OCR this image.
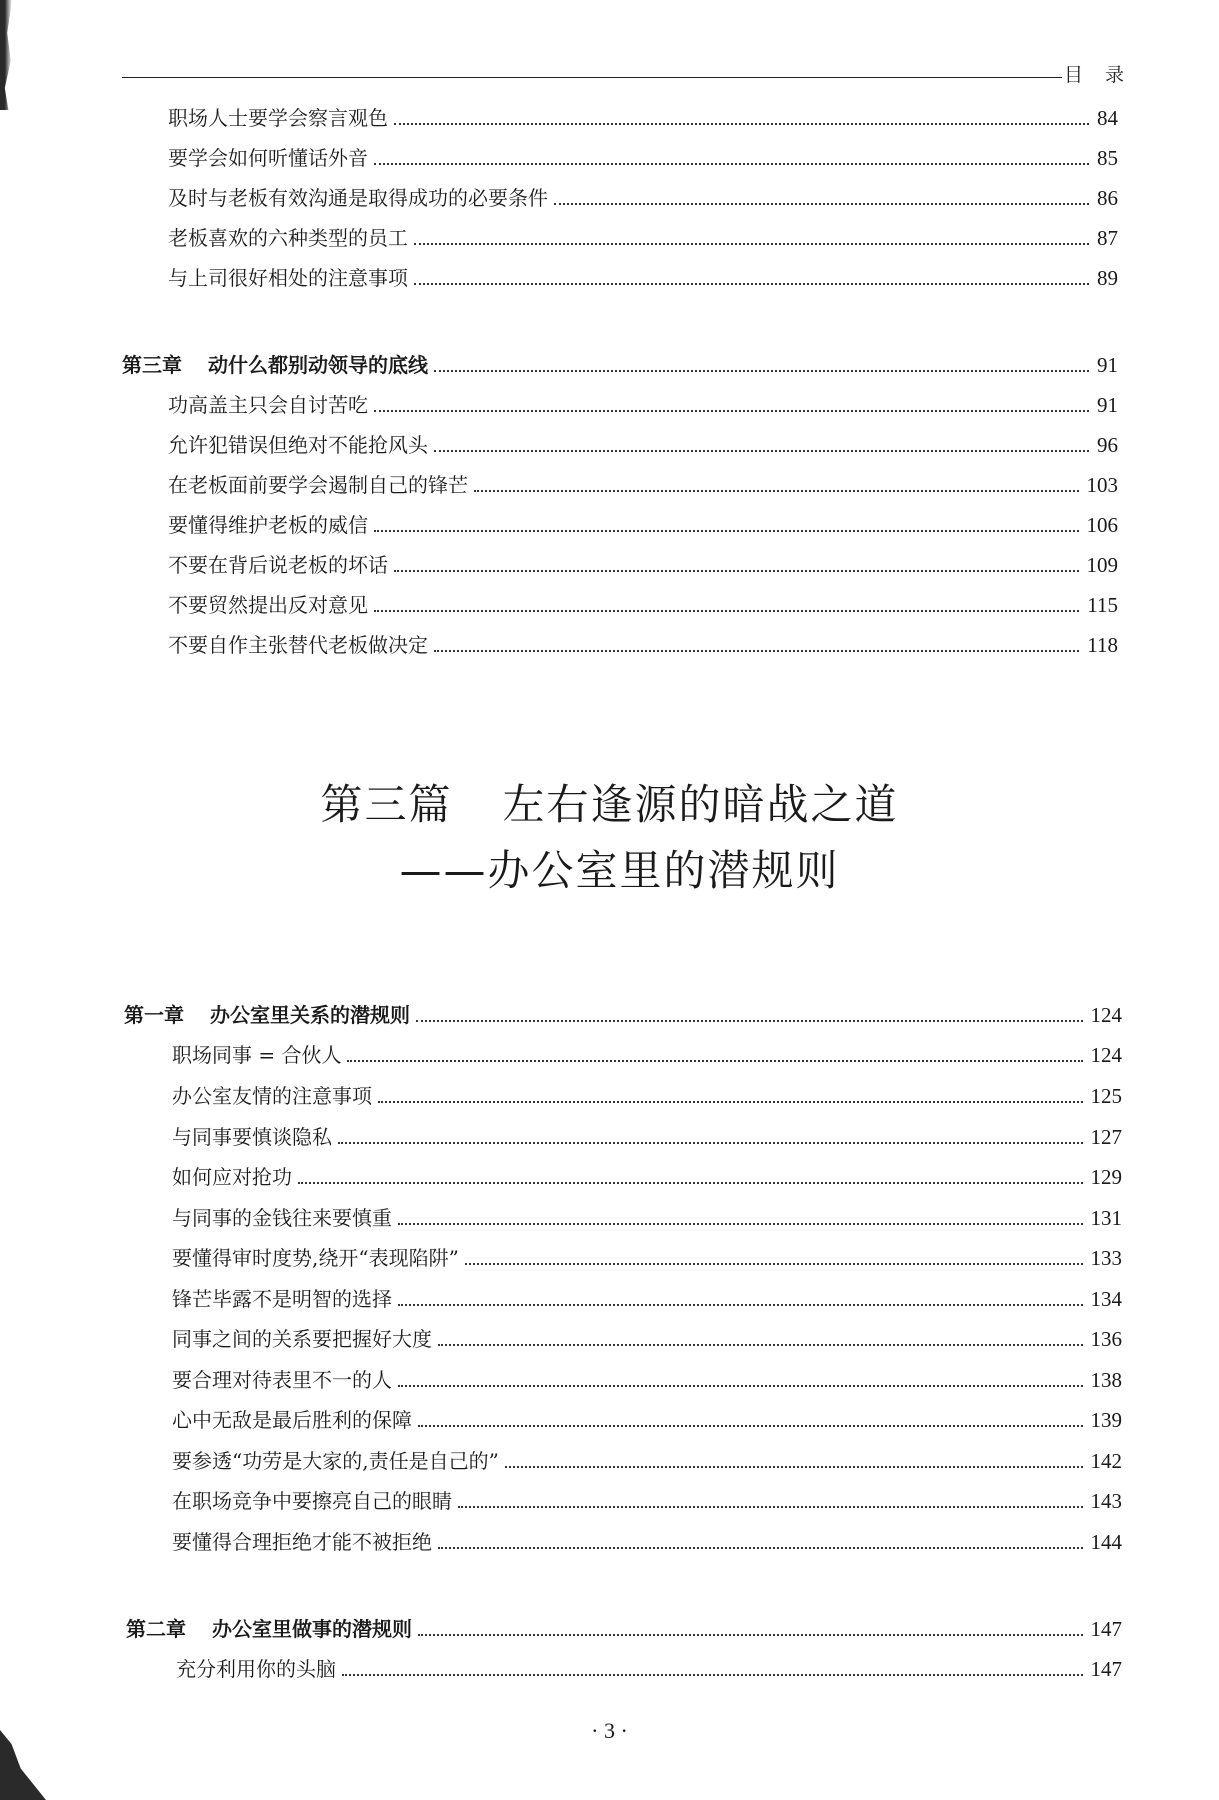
目 录
职场人士要学会察言观色	84
要学会如何听懂话外音	85
及时与老板有效沟通是取得成功的必要条件	86
老板喜欢的六种类型的员工	87
与上司很好相处的注意事项	89
第三章 动什么都别动领导的底线	91
功高盖主只会自讨苦吃	91
允许犯错误但绝对不能抢风头	96
在老板面前要学会遏制自己的锋芒	103
要懂得维护老板的威信	106
不要在背后说老板的坏话	109
不要贸然提出反对意见	115
不要自作主张替代老板做决定	118
第三篇 左右逢源的暗战之道
——办公室里的潜规则
第一章 办公室里关系的潜规则	124
职场同事 = 合伙人	124
办公室友情的注意事项	125
与同事要慎谈隐私	127
如何应对抢功	129
与同事的金钱往来要慎重	131
要懂得审时度势,绕开“表现陷阱”	133
锋芒毕露不是明智的选择	134
同事之间的关系要把握好大度	136
要合理对待表里不一的人	138
心中无敌是最后胜利的保障	139
要参透“功劳是大家的,责任是自己的”	142
在职场竞争中要擦亮自己的眼睛	143
要懂得合理拒绝才能不被拒绝	144
第二章 办公室里做事的潜规则	147
充分利用你的头脑	147
· 3 ·
